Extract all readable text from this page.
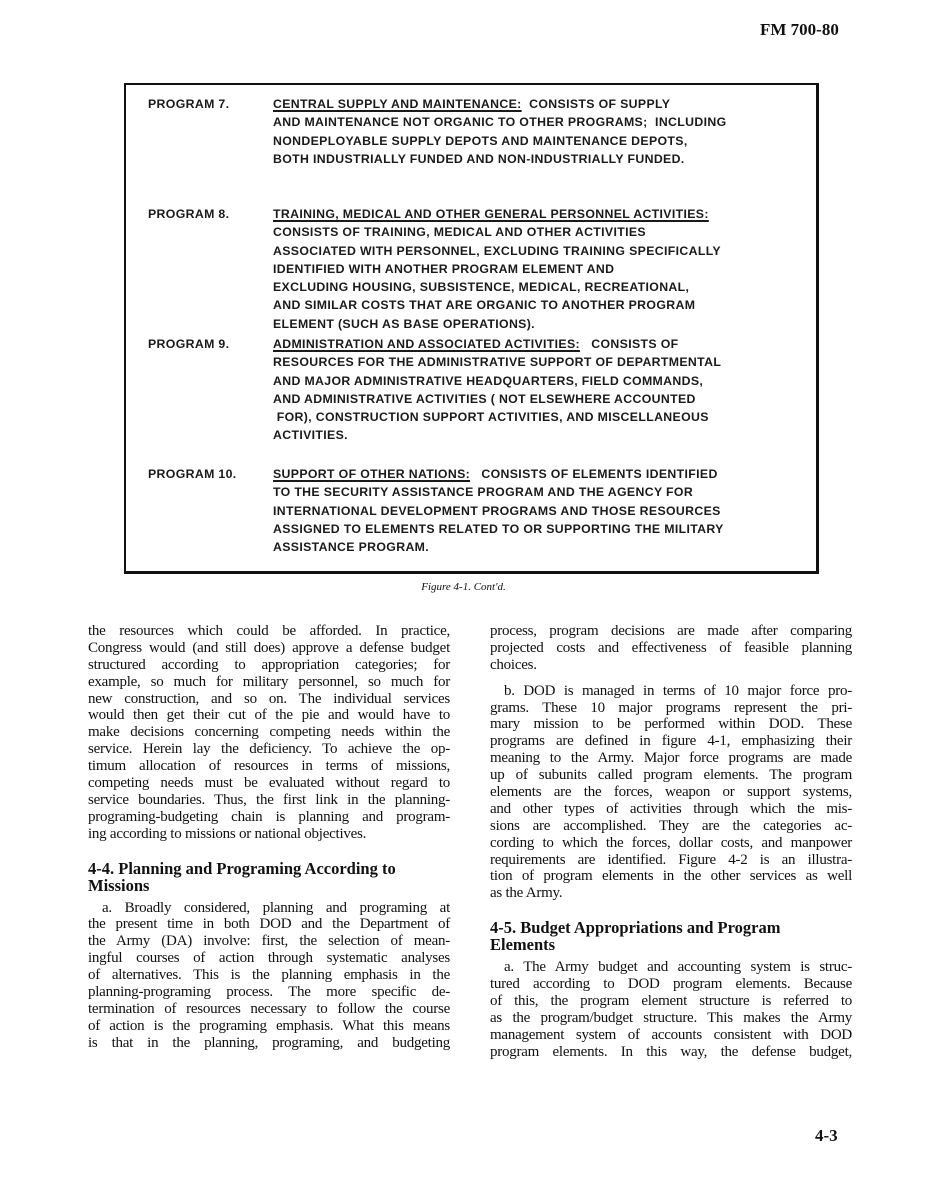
FM 700-80
PROGRAM 7.	CENTRAL SUPPLY AND MAINTENANCE:  CONSISTS OF SUPPLY
AND MAINTENANCE NOT ORGANIC TO OTHER PROGRAMS;  INCLUDING
NONDEPLOYABLE SUPPLY DEPOTS AND MAINTENANCE DEPOTS,
BOTH INDUSTRIALLY FUNDED AND NON-INDUSTRIALLY FUNDED.
PROGRAM 8.	TRAINING, MEDICAL AND OTHER GENERAL PERSONNEL ACTIVITIES:
CONSISTS OF TRAINING, MEDICAL AND OTHER ACTIVITIES
ASSOCIATED WITH PERSONNEL, EXCLUDING TRAINING SPECIFICALLY
IDENTIFIED WITH ANOTHER PROGRAM ELEMENT AND
EXCLUDING HOUSING, SUBSISTENCE, MEDICAL, RECREATIONAL,
AND SIMILAR COSTS THAT ARE ORGANIC TO ANOTHER PROGRAM
ELEMENT (SUCH AS BASE OPERATIONS).
PROGRAM 9.	ADMINISTRATION AND ASSOCIATED ACTIVITIES:   CONSISTS OF
RESOURCES FOR THE ADMINISTRATIVE SUPPORT OF DEPARTMENTAL
AND MAJOR ADMINISTRATIVE HEADQUARTERS, FIELD COMMANDS,
AND ADMINISTRATIVE ACTIVITIES ( NOT ELSEWHERE ACCOUNTED
FOR), CONSTRUCTION SUPPORT ACTIVITIES, AND MISCELLANEOUS
ACTIVITIES.
PROGRAM 10.	SUPPORT OF OTHER NATIONS:   CONSISTS OF ELEMENTS IDENTIFIED
TO THE SECURITY ASSISTANCE PROGRAM AND THE AGENCY FOR
INTERNATIONAL DEVELOPMENT PROGRAMS AND THOSE RESOURCES
ASSIGNED TO ELEMENTS RELATED TO OR SUPPORTING THE MILITARY
ASSISTANCE PROGRAM.
Figure 4-1. Cont'd.
the resources which could be afforded. In practice,
Congress would (and still does) approve a defense budget
structured according to appropriation categories; for
example, so much for military personnel, so much for
new construction, and so on. The individual services
would then get their cut of the pie and would have to
make decisions concerning competing needs within the
service. Herein lay the deficiency. To achieve the op-
timum allocation of resources in terms of missions,
competing needs must be evaluated without regard to
service boundaries. Thus, the first link in the planning-
programing-budgeting chain is planning and program-
ing according to missions or national objectives.
4-4. Planning and Programing According to
Missions
a. Broadly considered, planning and programing at
the present time in both DOD and the Department of
the Army (DA) involve: first, the selection of mean-
ingful courses of action through systematic analyses
of alternatives. This is the planning emphasis in the
planning-programing process. The more specific de-
termination of resources necessary to follow the course
of action is the programing emphasis. What this means
is that in the planning, programing, and budgeting
process, program decisions are made after comparing
projected costs and effectiveness of feasible planning
choices.
b. DOD is managed in terms of 10 major force pro-
grams. These 10 major programs represent the pri-
mary mission to be performed within DOD. These
programs are defined in figure 4-1, emphasizing their
meaning to the Army. Major force programs are made
up of subunits called program elements. The program
elements are the forces, weapon or support systems,
and other types of activities through which the mis-
sions are accomplished. They are the categories ac-
cording to which the forces, dollar costs, and manpower
requirements are identified. Figure 4-2 is an illustra-
tion of program elements in the other services as well
as the Army.
4-5. Budget Appropriations and Program
Elements
a. The Army budget and accounting system is struc-
tured according to DOD program elements. Because
of this, the program element structure is referred to
as the program/budget structure. This makes the Army
management system of accounts consistent with DOD
program elements. In this way, the defense budget,
4-3
